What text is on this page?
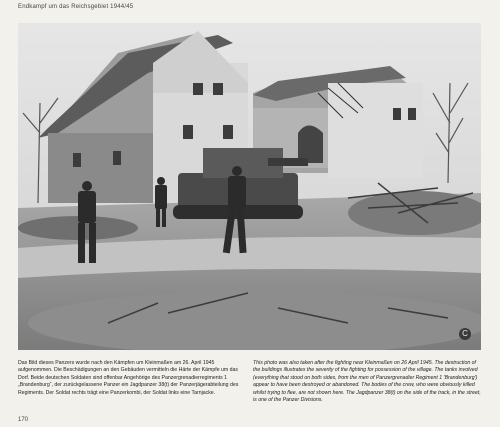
Endkampf um das Reichsgebiet 1944/45
C
Das Bild dieses Panzers wurde nach den Kämpfen um Kleinmaßen am 26. April 1945 aufgenommen. Die Beschädigungen an den Gebäuden vermitteln die Härte der Kämpfe um das Dorf. Beide deutschen Soldaten sind offenbar Angehörige des Panzergrenadierregiments 1 „Brandenburg“, der zurückgelassene Panzer ein Jagdpanzer 38(t) der Panzerjägerabteilung des Regiments. Der Soldat rechts trägt eine Panzerkombi, der Soldat links eine Tarnjacke.
This photo was also taken after the fighting near Kleinmaßen on 26 April 1945. The destruction of the buildings illustrates the severity of the fighting for possession of the village. The tanks involved (everything that stood on both sides, from the men of Panzergrenadier Regiment 1 'Brandenburg') appear to have been destroyed or abandoned. The bodies of the crew, who were obviously killed whilst trying to flee, are not shown here. The Jagdpanzer 38(t) on the side of the track, in the street, is one of the Panzer Divisions.
170
